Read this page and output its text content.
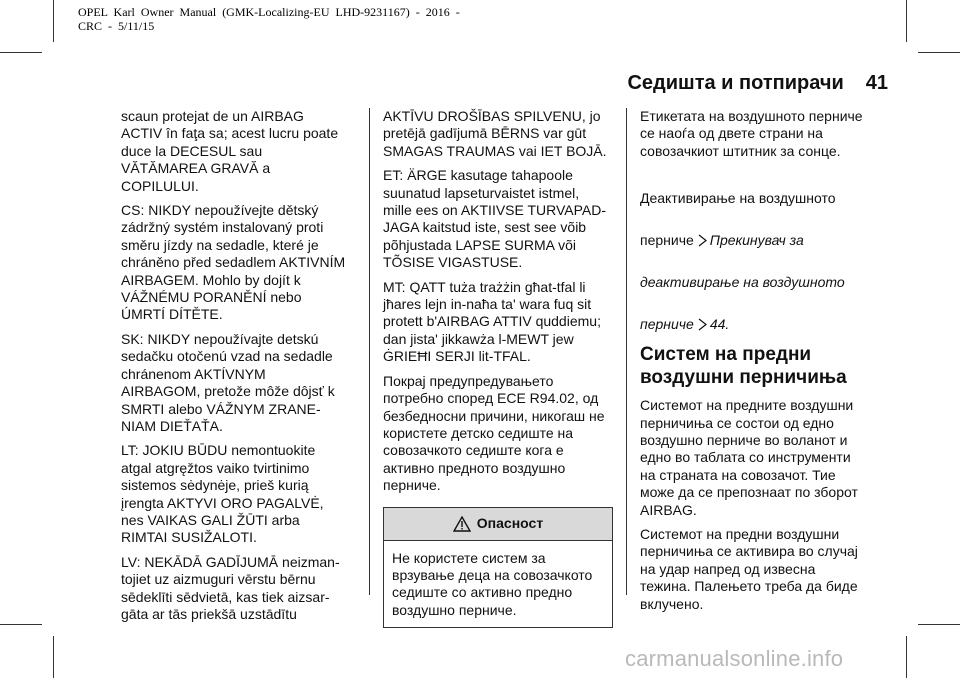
OPEL  Karl  Owner  Manual  (GMK-Localizing-EU  LHD-9231167)  -  2016  -
CRC  -  5/11/15
Седишта и потпирачи 41

scaun protejat de un AIRBAG
ACTIV în faţa sa; acest lucru poate
duce la DECESUL sau
VĂTĂMAREA GRAVĂ a
COPILULUI.

CS: NIKDY nepoužívejte dětský
zádržný systém instalovaný proti
směru jízdy na sedadle, které je
chráněno před sedadlem AKTIVNÍM
AIRBAGEM. Mohlo by dojít k
VÁŽNÉMU PORANĚNÍ nebo
ÚMRTÍ DÍTĚTE.

SK: NIKDY nepoužívajte detskú
sedačku otočenú vzad na sedadle
chránenom AKTÍVNYM
AIRBAGOM, pretože môže dôjsť k
SMRTI alebo VÁŽNYM ZRANE-
NIAM DIEŤAŤA.

LT: JOKIU BŪDU nemontuokite
atgal atgręžtos vaiko tvirtinimo
sistemos sėdynėje, prieš kurią
įrengta AKTYVI ORO PAGALVĖ,
nes VAIKAS GALI ŽŪTI arba
RIMTAI SUSIŽALOTI.

LV: NEKĀDĀ GADĪJUMĀ neizman-
tojiet uz aizmuguri vērstu bērnu
sēdeklīti sēdvietā, kas tiek aizsar-
gāta ar tās priekšā uzstādītu

AKTĪVU DROŠĪBAS SPILVENU, jo
pretējā gadījumā BĒRNS var gūt
SMAGAS TRAUMAS vai IET BOJĀ.

ET: ÄRGE kasutage tahapoole
suunatud lapseturvaistet istmel,
mille ees on AKTIIVSE TURVAPAD-
JAGA kaitstud iste, sest see võib
põhjustada LAPSE SURMA või
TÕSISE VIGASTUSE.

MT: QATT tuża trażżin għat-tfal li
jħares lejn in-naħa ta' wara fuq sit
protett b'AIRBAG ATTIV quddiemu;
dan jista' jikkawża l-MEWT jew
ĠRIEĦI SERJI lit-TFAL.

Покрај предупредувањето
потребно според ECE R94.02, од
безбедносни причини, никогаш не
користете детско седиште на
совозачкото седиште кога е
активно предното воздушно
перниче.

Опасност
Не користете систем за
врзување деца на совозачкото
седиште со активно предно
воздушно перниче.

Етикетата на воздушното перниче
се наоѓа од двете страни на
совозачкиот штитник за сонце.

Деактивирање на воздушното

перниче Прекинувач за

деактивирање на воздушното

перниче 44.

Систем на предни
воздушни перничиња

Системот на предните воздушни
перничиња се состои од едно
воздушно перниче во воланот и
едно во таблата со инструменти
на страната на совозачот. Тие
може да се препознаат по зборот
AIRBAG.

Системот на предни воздушни
перничиња се активира во случај
на удар напред од извесна
тежина. Палењето треба да биде
вклучено.

carmanualsonline.info
